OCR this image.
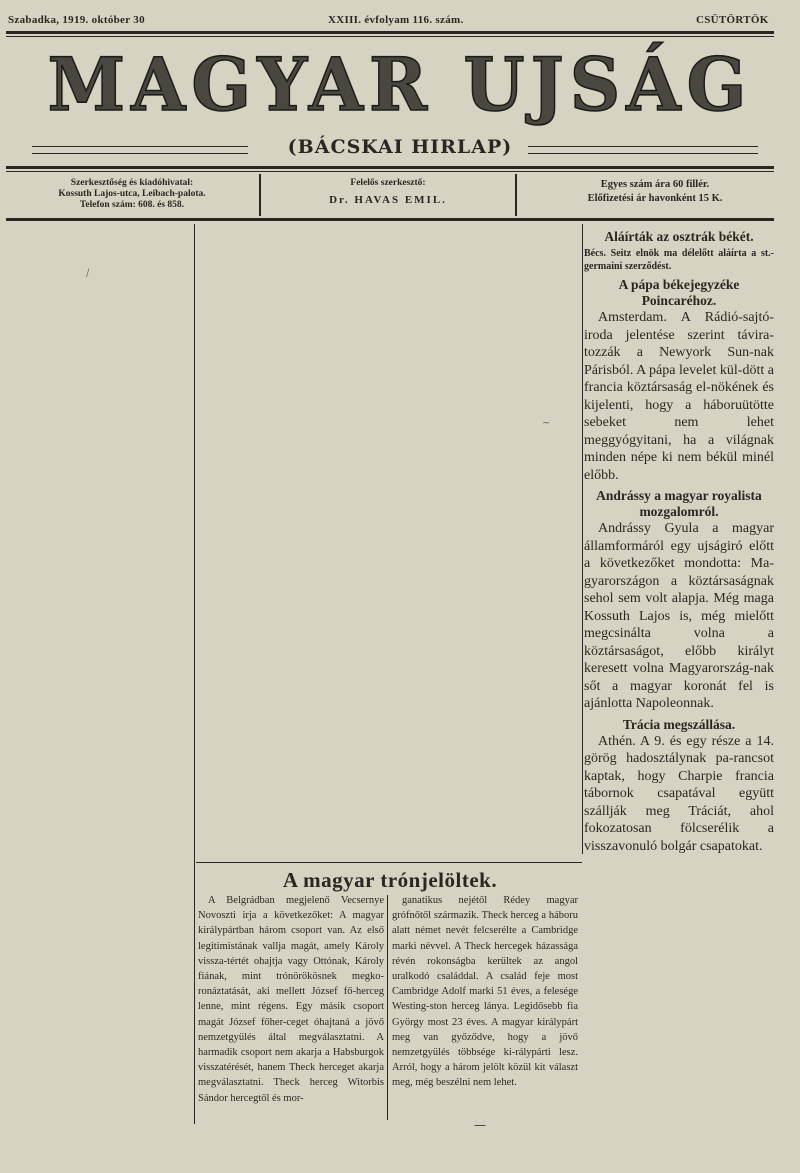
Szabadka, 1919. október 30	XXIII. évfolyam 116. szám.	CSÜTÖRTÖK
MAGYAR UJSÁG
(BÁCSKAI HIRLAP)
Szerkesztőség és kiadóhivatal:
Kossuth Lajos-utca, Leibach-palota.
Telefon szám: 608. és 858.
Felelős szerkesztő:
Dr. HAVAS EMIL.
Egyes szám ára 60 fillér.
Előfizetési ár havonként 15 K.
~
/

Aláírták az osztrák békét.

Bécs. Seitz elnök ma délelőtt aláírta a st.-germaini szerződést.

A pápa békejegyzéke Poincaréhoz.

Amsterdam. A Rádió-sajtó-iroda jelentése szerint távira-tozzák a Newyork Sun-nak Párisból. A pápa levelet kül-dött a francia köztársaság el-nökének és kijelenti, hogy a háboruütötte sebeket nem lehet meggyógyitani, ha a világnak minden népe ki nem békül minél előbb.

Andrássy a magyar royalista mozgalomról.

Andrássy Gyula a magyar államformáról egy ujságiró előtt a következőket mondotta: Ma-gyarországon a köztársaságnak sehol sem volt alapja. Még maga Kossuth Lajos is, még mielőtt megcsinálta volna a köztársaságot, előbb királyt keresett volna Magyarország-nak sőt a magyar koronát fel is ajánlotta Napoleonnak.

Trácia megszállása.

Athén. A 9. és egy része a 14. görög hadosztálynak pa-rancsot kaptak, hogy Charpie francia tábornok csapatával együtt szállják meg Tráciát, ahol fokozatosan fölcserélik a visszavonuló bolgár csapatokat.

A magyar trónjelöltek.

A Belgrádban megjelenő Vecsernye Novoszti irja a következőket: A magyar királypártban három csoport van. Az első legitimistának vallja magát, amely Károly vissza-tértét ohajtja vagy Ottónak, Károly fiának, mint trónörökösnek megko-ronáztatását, aki mellett József fő-herceg lenne, mint régens. Egy másik csoport magát József főher-ceget óhajtaná a jövő nemzetgyülés által megválasztatni. A harmadik csoport nem akarja a Habsburgok visszatérését, hanem Theck herceget akarja megválasztatni. Theck herceg Witorbis Sándor hercegtől és mor-

ganatikus nejétől Rédey magyar grófnőtől származik. Theck herceg a háboru alatt német nevét felcserélte a Cambridge marki névvel. A Theck hercegek házassága révén rokonságba kerültek az angol uralkodó családdal. A család feje most Cambridge Adolf marki 51 éves, a felesége Westing-ston herceg lánya. Legidősebb fia György most 23 éves. A magyar királypárt meg van győződve, hogy a jövő nemzetgyülés többsége ki-rálypárti lesz. Arról, hogy a három jelölt közül kit választ meg, még beszélni nem lehet.

—
